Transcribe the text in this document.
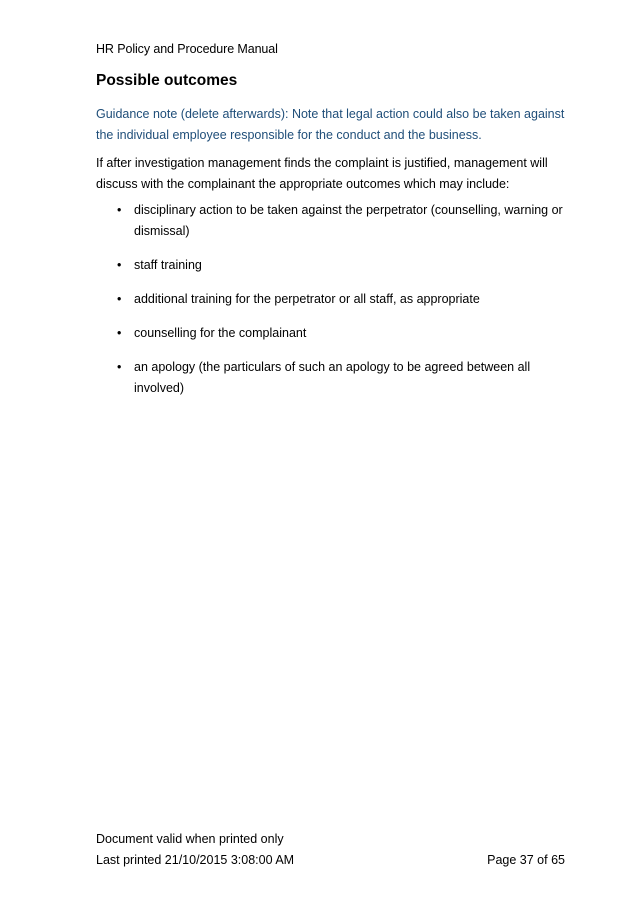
HR Policy and Procedure Manual
Possible outcomes

Guidance note (delete afterwards): Note that legal action could also be taken against the individual employee responsible for the conduct and the business.

If after investigation management finds the complaint is justified, management will discuss with the complainant the appropriate outcomes which may include:

• disciplinary action to be taken against the perpetrator (counselling, warning or dismissal)
• staff training
• additional training for the perpetrator or all staff, as appropriate
• counselling for the complainant
• an apology (the particulars of such an apology to be agreed between all involved)
Document valid when printed only
Last printed 21/10/2015 3:08:00 AM	Page 37 of 65
